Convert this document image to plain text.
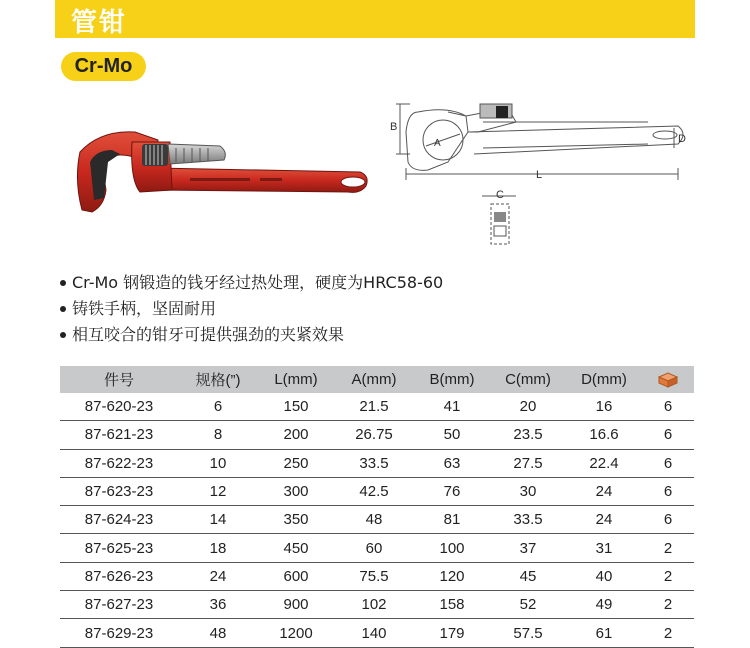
管钳
Cr-Mo
A
B
D
L
C
Cr-Mo 钢锻造的钱牙经过热处理，硬度为HRC58-60
铸铁手柄，坚固耐用
相互咬合的钳牙可提供强劲的夹紧效果
件号	规格(”)	L(mm)	A(mm)	B(mm)	C(mm)	D(mm)	
87-620-23	6	150	21.5	41	20	16	6
87-621-23	8	200	26.75	50	23.5	16.6	6
87-622-23	10	250	33.5	63	27.5	22.4	6
87-623-23	12	300	42.5	76	30	24	6
87-624-23	14	350	48	81	33.5	24	6
87-625-23	18	450	60	100	37	31	2
87-626-23	24	600	75.5	120	45	40	2
87-627-23	36	900	102	158	52	49	2
87-629-23	48	1200	140	179	57.5	61	2
